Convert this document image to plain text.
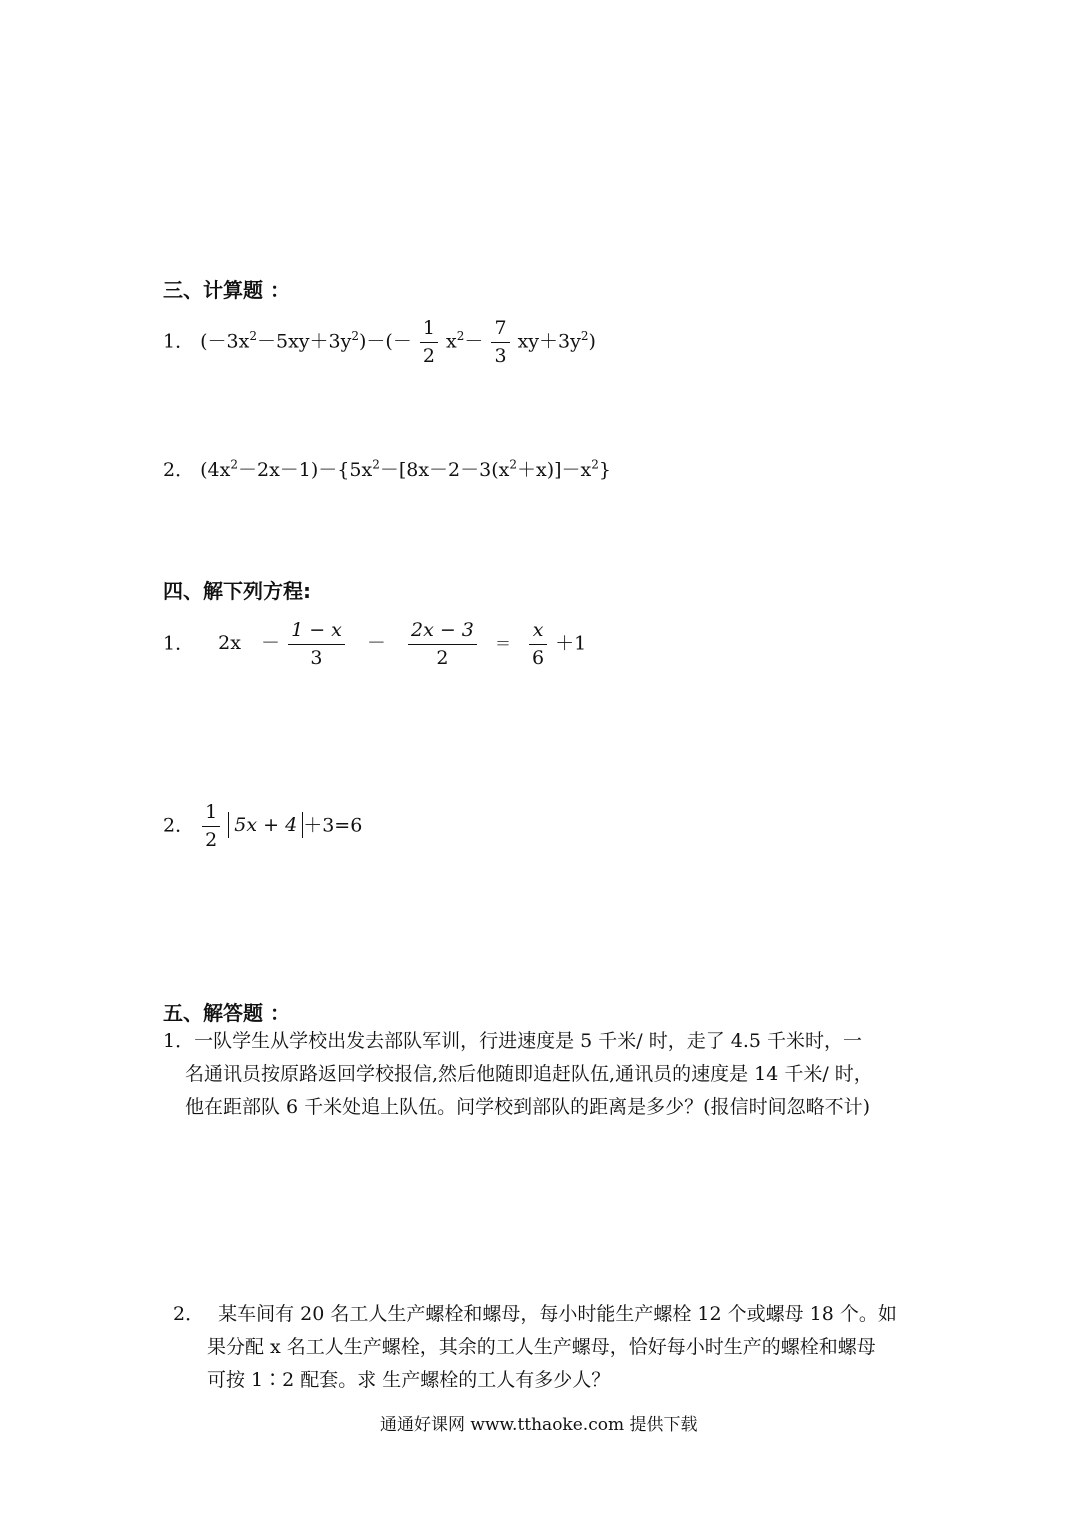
三、计算题 ：
1． $(-3x^2-5xy+3y^2)-(- \frac{1}{2} x^2- \frac{7}{3} xy+3y^2)$
2． $(4x^2-2x-1)-\{5x^2-[8x-2-3(x^2+x)]-x^2\}$
四、解下列方程:
1． $2x - \frac{1 - x}{3} - \frac{2x - 3}{2} = \frac{x}{6} +1$
2． $\frac{1}{2} 5x + 4 +3=6$
五、解答题 ：
1．一队学生从学校出发去部队军训，行进速度是 5 千米/ 时，走了 4.5 千米时，一
名通讯员按原路返回学校报信,然后他随即追赶队伍,通讯员的速度是 14 千米/ 时，
他在距部队 6 千米处追上队伍。问学校到部队的距离是多少？(报信时间忽略不计)
2． 某车间有 20 名工人生产螺栓和螺母，每小时能生产螺栓 12 个或螺母 18 个。如
果分配 x 名工人生产螺栓，其余的工人生产螺母，恰好每小时生产的螺栓和螺母
可按 1∶2 配套。求 生产螺栓的工人有多少人？
通通好课网 www.tthaoke.com 提供下载
